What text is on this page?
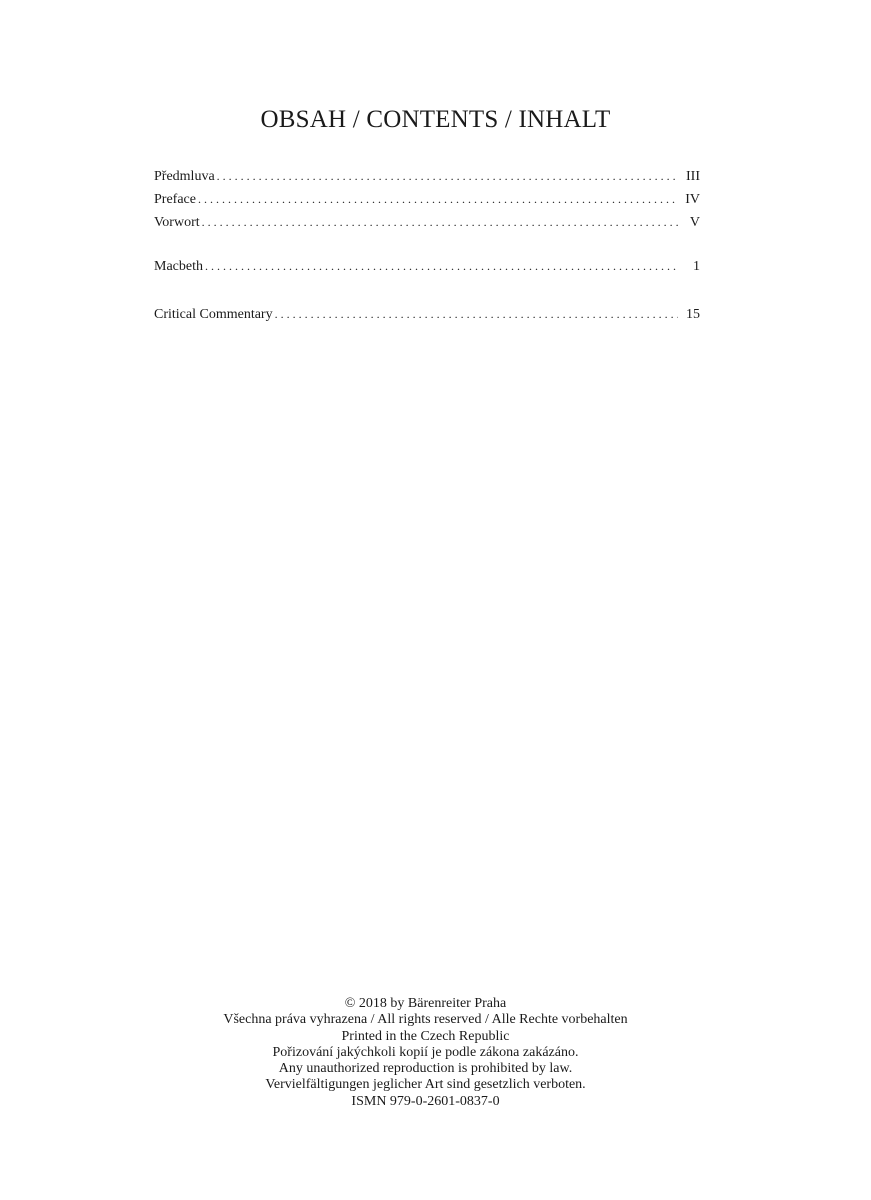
OBSAH / CONTENTS / INHALT
Předmluva . . .	III
Preface . . .	IV
Vorwort . . .	V
Macbeth . . .	1
Critical Commentary . . .	15
© 2018 by Bärenreiter Praha
Všechna práva vyhrazena / All rights reserved / Alle Rechte vorbehalten
Printed in the Czech Republic
Pořizování jakýchkoli kopií je podle zákona zakázáno.
Any unauthorized reproduction is prohibited by law.
Vervielfältigungen jeglicher Art sind gesetzlich verboten.
ISMN 979-0-2601-0837-0
